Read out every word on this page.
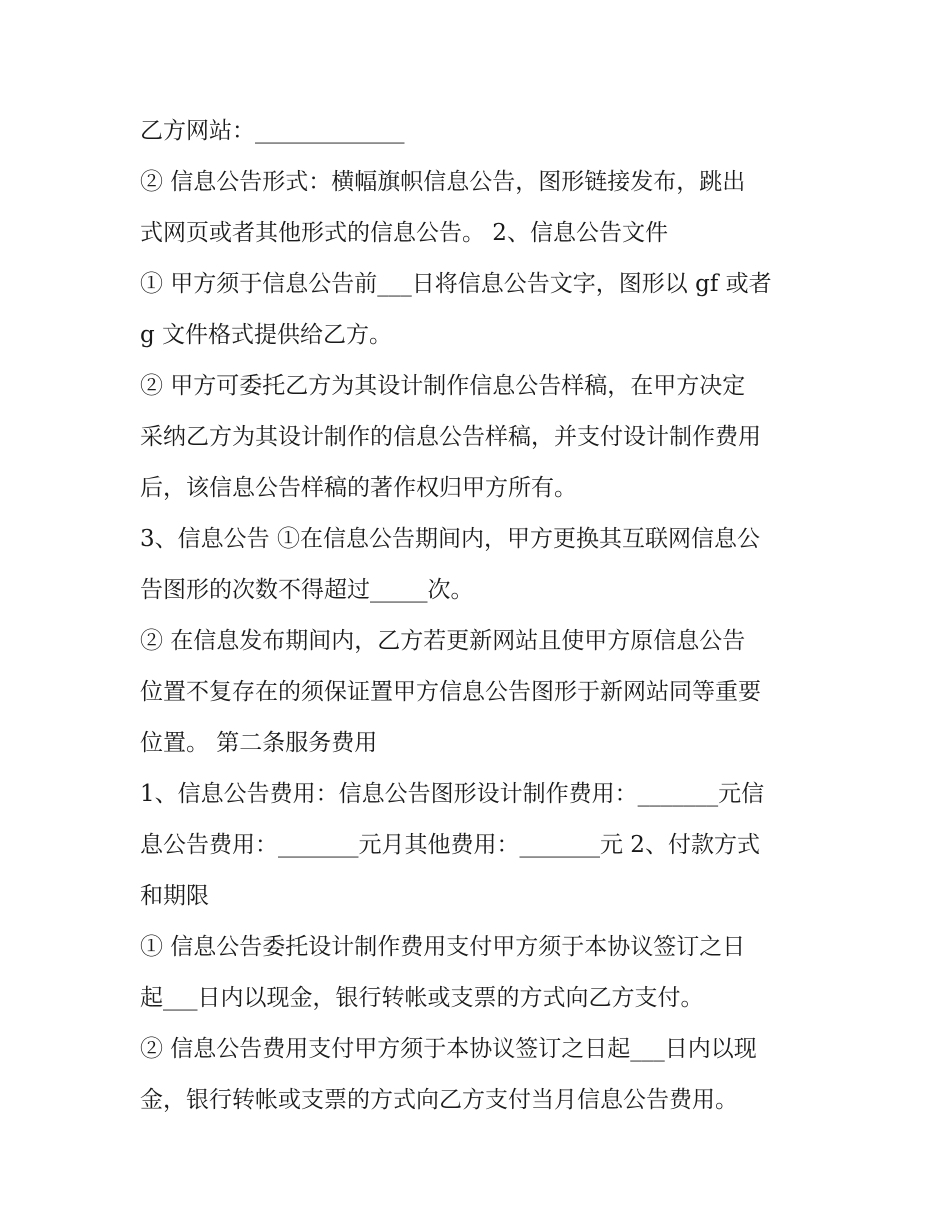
乙方网站：_____________
② 信息公告形式：横幅旗帜信息公告，图形链接发布，跳出
式网页或者其他形式的信息公告。 2、信息公告文件
① 甲方须于信息公告前___日将信息公告文字，图形以 gf 或者
g 文件格式提供给乙方。
② 甲方可委托乙方为其设计制作信息公告样稿，在甲方决定
采纳乙方为其设计制作的信息公告样稿，并支付设计制作费用
后，该信息公告样稿的著作权归甲方所有。
3、信息公告 ①在信息公告期间内，甲方更换其互联网信息公
告图形的次数不得超过_____次。
② 在信息发布期间内，乙方若更新网站且使甲方原信息公告
位置不复存在的须保证置甲方信息公告图形于新网站同等重要
位置。 第二条服务费用
1、信息公告费用：信息公告图形设计制作费用：_______元信
息公告费用：_______元月其他费用：_______元 2、付款方式
和期限
① 信息公告委托设计制作费用支付甲方须于本协议签订之日
起___日内以现金，银行转帐或支票的方式向乙方支付。
② 信息公告费用支付甲方须于本协议签订之日起___日内以现
金，银行转帐或支票的方式向乙方支付当月信息公告费用。
